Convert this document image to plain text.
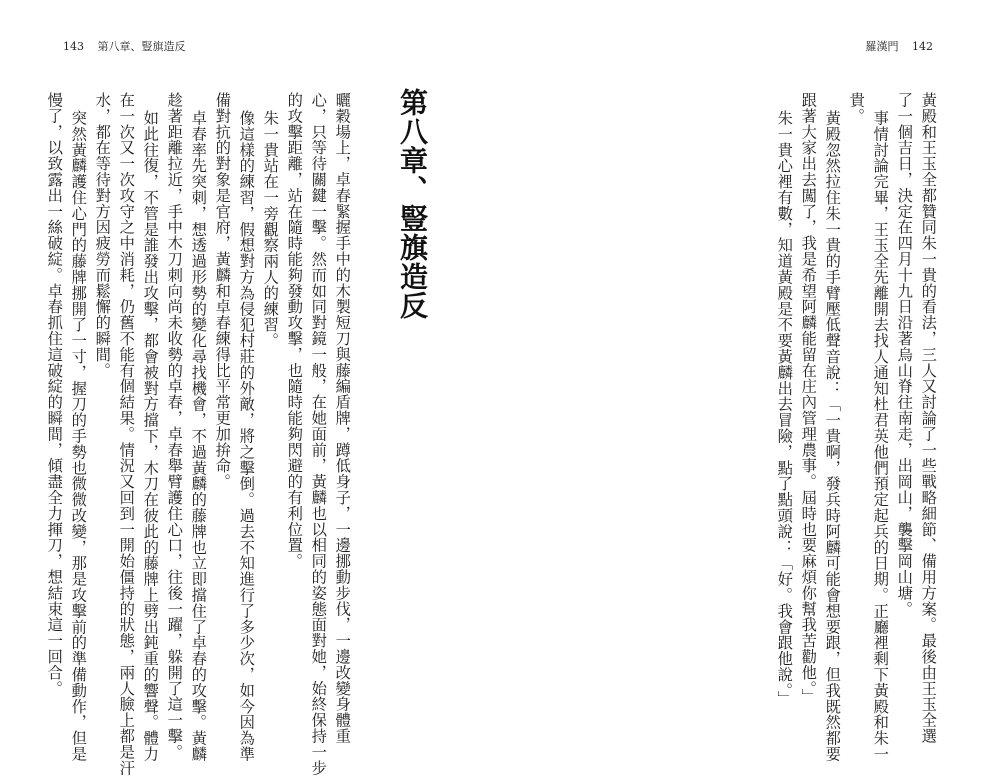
143 第八章、豎旗造反	羅漢門 142
黃殿和王玉全都贊同朱一貴的看法，三人又討論了一些戰略細節、備用方案。最後由王玉全選
了一個吉日，決定在四月十九日沿著烏山脊往南走，出岡山，襲擊岡山塘。
事情討論完畢，王玉全先離開去找人通知杜君英他們預定起兵的日期。正廳裡剩下黃殿和朱一
貴。
黃殿忽然拉住朱一貴的手臂壓低聲音說：「一貴啊，發兵時阿麟可能會想要跟，但我既然都要
跟著大家出去闖了，我是希望阿麟能留在庄內管理農事。屆時也要麻煩你幫我苦勸他。」
朱一貴心裡有數，知道黃殿是不要黃麟出去冒險，點了點頭說：「好。我會跟他說。」
第八章、豎旗造反
曬穀場上，卓春緊握手中的木製短刀與藤編盾牌，蹲低身子，一邊挪動步伐，一邊改變身體重
心，只等待關鍵一擊。然而如同對鏡一般，在她面前，黃麟也以相同的姿態面對她，始終保持一步
的攻擊距離，站在隨時能夠發動攻擊，也隨時能夠閃避的有利位置。
朱一貴站在一旁觀察兩人的練習。
像這樣的練習，假想對方為侵犯村莊的外敵，將之擊倒。過去不知進行了多少次，如今因為準
備對抗的對象是官府，黃麟和卓春練得比平常更加拚命。
卓春率先突刺，想透過形勢的變化尋找機會，不過黃麟的藤牌也立即擋住了卓春的攻擊。黃麟
趁著距離拉近，手中木刀刺向尚未收勢的卓春，卓春舉臂護住心口，往後一躍，躲開了這一擊。
如此往復，不管是誰發出攻擊，都會被對方擋下，木刀在彼此的藤牌上劈出鈍重的響聲。體力
在一次又一次攻守之中消耗，仍舊不能有個結果。情況又回到一開始僵持的狀態，兩人臉上都是汗
水，都在等待對方因疲勞而鬆懈的瞬間。
突然黃麟護住心門的藤牌挪開了一寸，握刀的手勢也微微改變，那是攻擊前的準備動作，但是
慢了，以致露出一絲破綻。卓春抓住這破綻的瞬間，傾盡全力揮刀，想結束這一回合。
